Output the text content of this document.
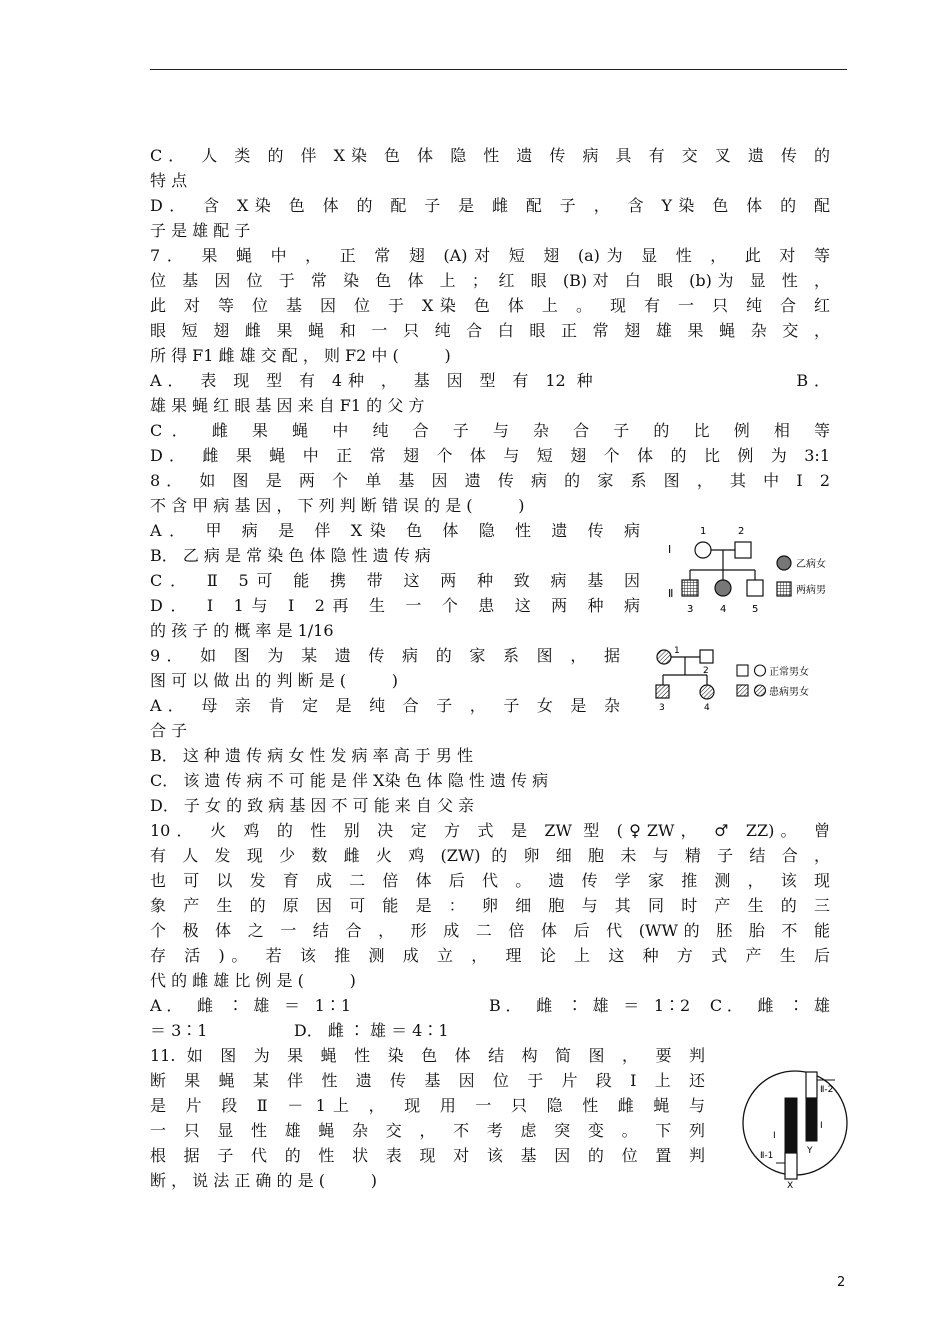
C． 人 类 的 伴 X染 色 体 隐 性 遗 传 病 具 有 交 叉 遗 传 的
特 点
D． 含 X染 色 体 的 配 子 是 雌 配 子 ， 含 Y染 色 体 的 配
子 是 雄 配 子
7． 果 蝇 中 ， 正 常 翅 (A)对 短 翅 (a)为 显 性 ， 此 对 等
位 基 因 位 于 常 染 色 体 上 ； 红 眼 (B)对 白 眼 (b)为 显 性 ，
此 对 等 位 基 因 位 于 X染 色 体 上 。 现 有 一 只 纯 合 红
眼 短 翅 雌 果 蝇 和 一 只 纯 合 白 眼 正 常 翅 雄 果 蝇 杂 交 ，
所 得 F1 雌 雄 交 配 ， 则 F2 中 (         )
A． 表 现 型 有 4种 ， 基 因 型 有 12 种                  B．
雄 果 蝇 红 眼 基 因 来 自 F1 的 父 方
C． 雌 果 蝇 中 纯 合 子 与 杂 合 子 的 比 例 相 等
D． 雌 果 蝇 中 正 常 翅 个 体 与 短 翅 个 体 的 比 例 为 3:1
8． 如 图 是 两 个 单 基 因 遗 传 病 的 家 系 图 ， 其 中 Ⅰ 2
不 含 甲 病 基 因 ， 下 列 判 断 错 误 的 是 (         )
A． 甲 病 是 伴 X染 色 体 隐 性 遗 传 病
B． 乙 病 是 常 染 色 体 隐 性 遗 传 病
C． Ⅱ 5可 能 携 带 这 两 种 致 病 基 因
D． Ⅰ 1与 Ⅰ 2再 生 一 个 患 这 两 种 病
的 孩 子 的 概 率 是 1/16
9． 如 图 为 某 遗 传 病 的 家 系 图 ， 据
图 可 以 做 出 的 判 断 是 (         )
A． 母 亲 肯 定 是 纯 合 子 ， 子 女 是 杂
合 子
B． 这 种 遗 传 病 女 性 发 病 率 高 于 男 性
C． 该 遗 传 病 不 可 能 是 伴 X染 色 体 隐 性 遗 传 病
D． 子 女 的 致 病 基 因 不 可 能 来 自 父 亲
10． 火 鸡 的 性 别 决 定 方 式 是 ZW 型 (♀ZW， ♂ ZZ)。 曾
有 人 发 现 少 数 雌 火 鸡 (ZW) 的 卵 细 胞 未 与 精 子 结 合 ，
也 可 以 发 育 成 二 倍 体 后 代 。 遗 传 学 家 推 测 ， 该 现
象 产 生 的 原 因 可 能 是 ： 卵 细 胞 与 其 同 时 产 生 的 三
个 极 体 之 一 结 合 ， 形 成 二 倍 体 后 代 (WW的 胚 胎 不 能
存 活 )。 若 该 推 测 成 立 ， 理 论 上 这 种 方 式 产 生 后
代 的 雌 雄 比 例 是 (         )
A． 雌 ∶ 雄 ＝ 1∶1              B． 雌 ∶ 雄 ＝ 1∶2  C． 雌 ∶ 雄
＝ 3∶1                 D． 雌 ∶ 雄 ＝ 4∶1
11. 如 图 为 果 蝇 性 染 色 体 结 构 简 图 ， 要 判
断 果 蝇 某 伴 性 遗 传 基 因 位 于 片 段 Ⅰ 上 还
是 片 段 Ⅱ － 1上 ， 现 用 一 只 隐 性 雌 蝇 与
一 只 显 性 雄 蝇 杂 交 ， 不 考 虑 突 变 。 下 列
根 据 子 代 的 性 状 表 现 对 该 基 因 的 位 置 判
断 ， 说 法 正 确 的 是 (         )
Ⅰ
Ⅱ
1	2
3	4	5
乙病女
两病男
1
2
3	4
正常男女
患病男女
Ⅱ-2
Ⅰ
Ⅰ
Ⅱ-1	Y
X
2
